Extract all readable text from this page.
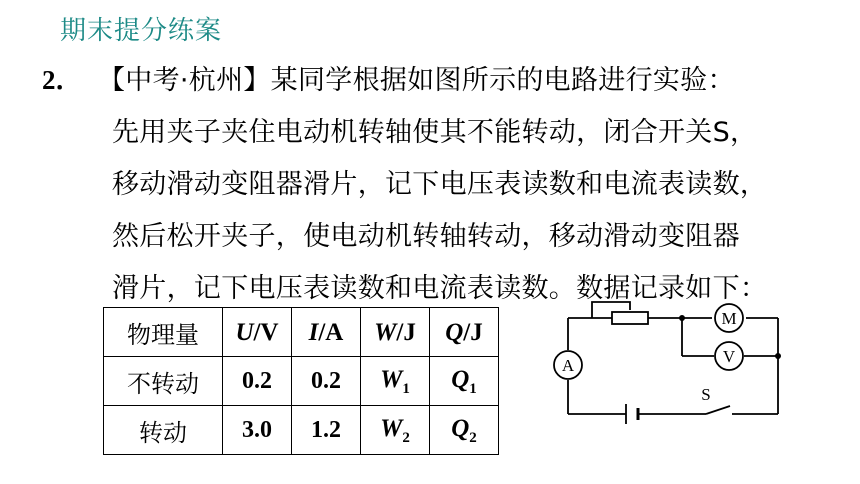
期末提分练案
2． 【中考·杭州】某同学根据如图所示的电路进行实验：
先用夹子夹住电动机转轴使其不能转动，闭合开关S，
移动滑动变阻器滑片，记下电压表读数和电流表读数，
然后松开夹子，使电动机转轴转动，移动滑动变阻器
滑片，记下电压表读数和电流表读数。数据记录如下：
物理量	U/V	I/A	W/J	Q/J
不转动	0.2	0.2	$W_1$	$Q_1$
转动	3.0	1.2	$W_2$	$Q_2$
M
V
A
S
